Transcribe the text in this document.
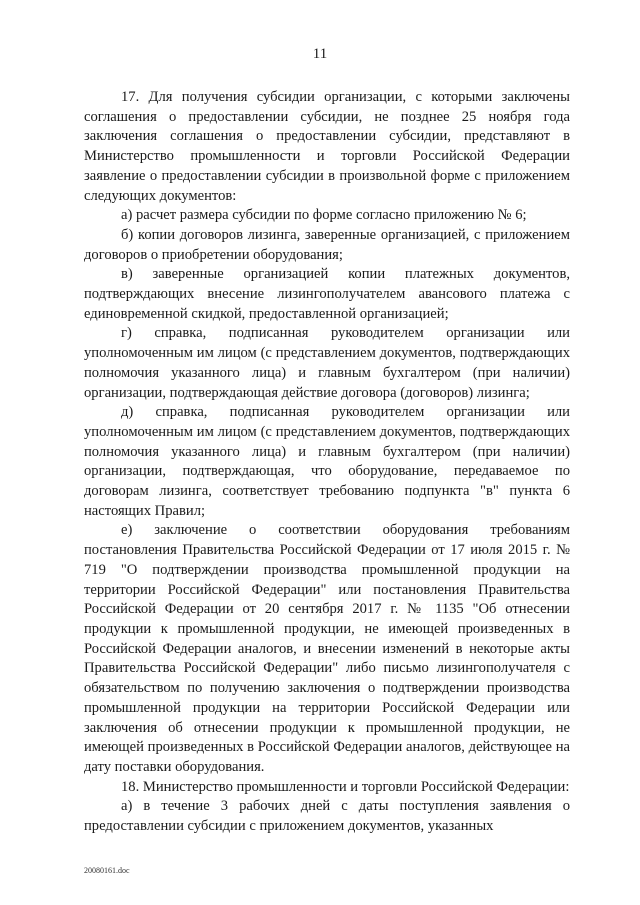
11

17. Для получения субсидии организации, с которыми заключены соглашения о предоставлении субсидии, не позднее 25 ноября года заключения соглашения о предоставлении субсидии, представляют в Министерство промышленности и торговли Российской Федерации заявление о предоставлении субсидии в произвольной форме с приложением следующих документов:

а) расчет размера субсидии по форме согласно приложению № 6;

б) копии договоров лизинга, заверенные организацией, с приложением договоров о приобретении оборудования;

в) заверенные организацией копии платежных документов, подтверждающих внесение лизингополучателем авансового платежа с единовременной скидкой, предоставленной организацией;

г) справка, подписанная руководителем организации или уполномоченным им лицом (с представлением документов, подтверждающих полномочия указанного лица) и главным бухгалтером (при наличии) организации, подтверждающая действие договора (договоров) лизинга;

д) справка, подписанная руководителем организации или уполномоченным им лицом (с представлением документов, подтверждающих полномочия указанного лица) и главным бухгалтером (при наличии) организации, подтверждающая, что оборудование, передаваемое по договорам лизинга, соответствует требованию подпункта "в" пункта 6 настоящих Правил;

е) заключение о соответствии оборудования требованиям постановления Правительства Российской Федерации от 17 июля 2015 г. № 719 "О подтверждении производства промышленной продукции на территории Российской Федерации" или постановления Правительства Российской Федерации от 20 сентября 2017 г. № 1135 "Об отнесении продукции к промышленной продукции, не имеющей произведенных в Российской Федерации аналогов, и внесении изменений в некоторые акты Правительства Российской Федерации" либо письмо лизингополучателя с обязательством по получению заключения о подтверждении производства промышленной продукции на территории Российской Федерации или заключения об отнесении продукции к промышленной продукции, не имеющей произведенных в Российской Федерации аналогов, действующее на дату поставки оборудования.

18. Министерство промышленности и торговли Российской Федерации:

а) в течение 3 рабочих дней с даты поступления заявления о предоставлении субсидии с приложением документов, указанных

20080161.doc
